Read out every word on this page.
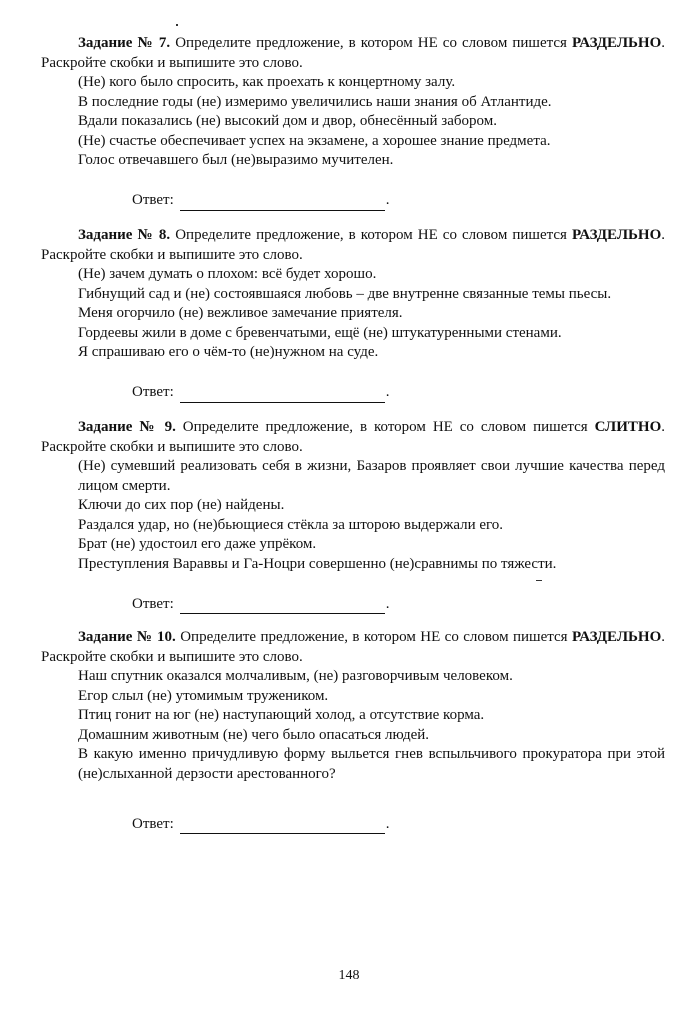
Задание № 7. Определите предложение, в котором НЕ со словом пишется РАЗДЕЛЬНО. Раскройте скобки и выпишите это слово.

(Не) кого было спросить, как проехать к концертному залу.
В последние годы (не) измеримо увеличились наши знания об Атлантиде.
Вдали показались (не) высокий дом и двор, обнесённый забором.
(Не) счастье обеспечивает успех на экзамене, а хорошее знание предмета.
Голос отвечавшего был (не)выразимо мучителен.
Ответ:	.

Задание № 8. Определите предложение, в котором НЕ со словом пишется РАЗДЕЛЬНО. Раскройте скобки и выпишите это слово.

(Не) зачем думать о плохом: всё будет хорошо.
Гибнущий сад и (не) состоявшаяся любовь – две внутренне связанные темы пьесы.
Меня огорчило (не) вежливое замечание приятеля.
Гордеевы жили в доме с бревенчатыми, ещё (не) штукатуренными стенами.
Я спрашиваю его о чём-то (не)нужном на суде.
Ответ:	.

Задание № 9. Определите предложение, в котором НЕ со словом пишется СЛИТНО. Раскройте скобки и выпишите это слово.

(Не) сумевший реализовать себя в жизни, Базаров проявляет свои лучшие качества перед лицом смерти.
Ключи до сих пор (не) найдены.
Раздался удар, но (не)бьющиеся стёкла за шторою выдержали его.
Брат (не) удостоил его даже упрёком.
Преступления Вараввы и Га-Ноцри совершенно (не)сравнимы по тяжести.
Ответ:	.

Задание № 10. Определите предложение, в котором НЕ со словом пишется РАЗДЕЛЬНО. Раскройте скобки и выпишите это слово.

Наш спутник оказался молчаливым, (не) разговорчивым человеком.
Егор слыл (не) утомимым тружеником.
Птиц гонит на юг (не) наступающий холод, а отсутствие корма.
Домашним животным (не) чего было опасаться людей.
В какую именно причудливую форму выльется гнев вспыльчивого прокуратора при этой (не)слыханной дерзости арестованного?
Ответ:	.
148
